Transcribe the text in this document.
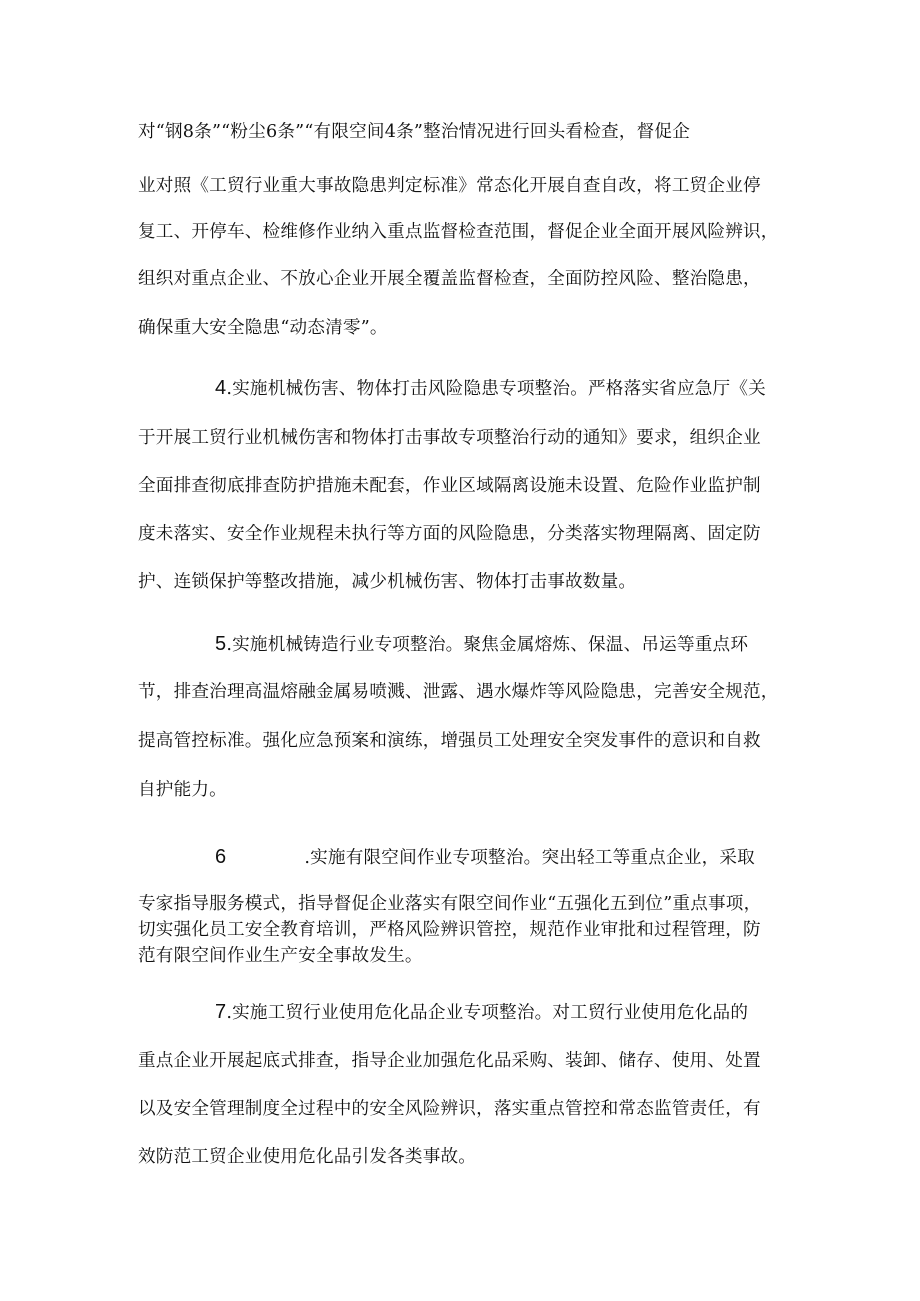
对“钢8条”“粉尘6条”“有限空间4条”整治情况进行回头看检查，督促企
业对照《工贸行业重大事故隐患判定标准》常态化开展自查自改，将工贸企业停
复工、开停车、检维修作业纳入重点监督检查范围，督促企业全面开展风险辨识，
组织对重点企业、不放心企业开展全覆盖监督检查，全面防控风险、整治隐患，
确保重大安全隐患“动态清零”。
4.实施机械伤害、物体打击风险隐患专项整治。严格落实省应急厅《关
于开展工贸行业机械伤害和物体打击事故专项整治行动的通知》要求，组织企业
全面排查彻底排查防护措施未配套，作业区域隔离设施未设置、危险作业监护制
度未落实、安全作业规程未执行等方面的风险隐患，分类落实物理隔离、固定防
护、连锁保护等整改措施，减少机械伤害、物体打击事故数量。
5.实施机械铸造行业专项整治。聚焦金属熔炼、保温、吊运等重点环
节，排查治理高温熔融金属易喷溅、泄露、遇水爆炸等风险隐患，完善安全规范，
提高管控标准。强化应急预案和演练，增强员工处理安全突发事件的意识和自救
自护能力。
6	.实施有限空间作业专项整治。突出轻工等重点企业，采取
专家指导服务模式，指导督促企业落实有限空间作业“五强化五到位”重点事项，
切实强化员工安全教育培训，严格风险辨识管控，规范作业审批和过程管理，防
范有限空间作业生产安全事故发生。
7.实施工贸行业使用危化品企业专项整治。对工贸行业使用危化品的
重点企业开展起底式排查，指导企业加强危化品采购、装卸、储存、使用、处置
以及安全管理制度全过程中的安全风险辨识，落实重点管控和常态监管责任，有
效防范工贸企业使用危化品引发各类事故。
